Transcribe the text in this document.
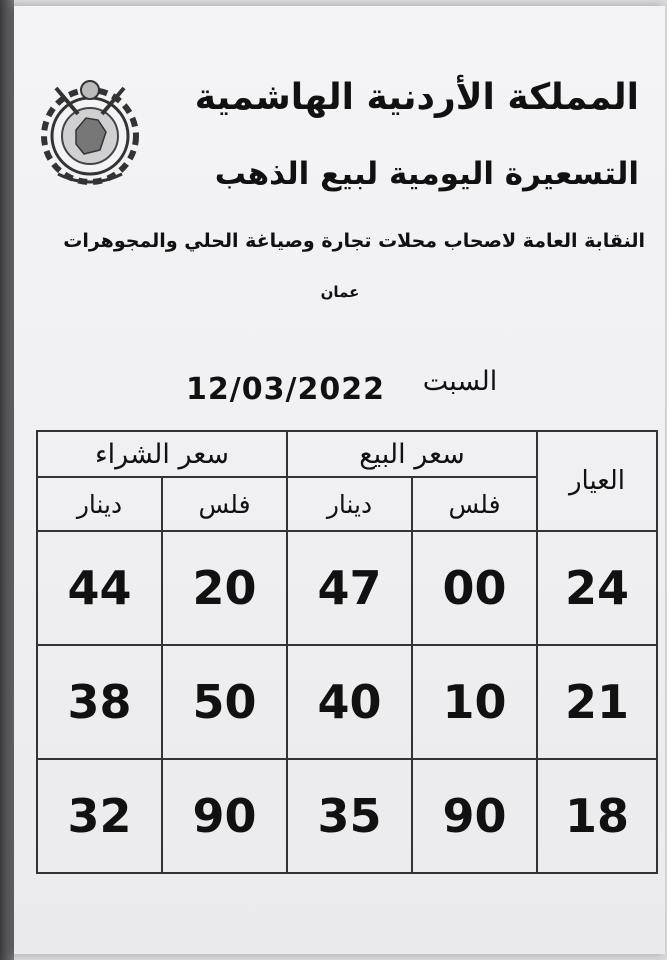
المملكة الأردنية الهاشمية
التسعيرة اليومية لبيع الذهب
النقابة العامة لاصحاب محلات تجارة وصياغة الحلي والمجوهرات
عمان
السبت
12/03/2022
العيار	سعر البيع		سعر الشراء	
	فلس	دينار	فلس	دينار
24	00	47	20	44
21	10	40	50	38
18	90	35	90	32
